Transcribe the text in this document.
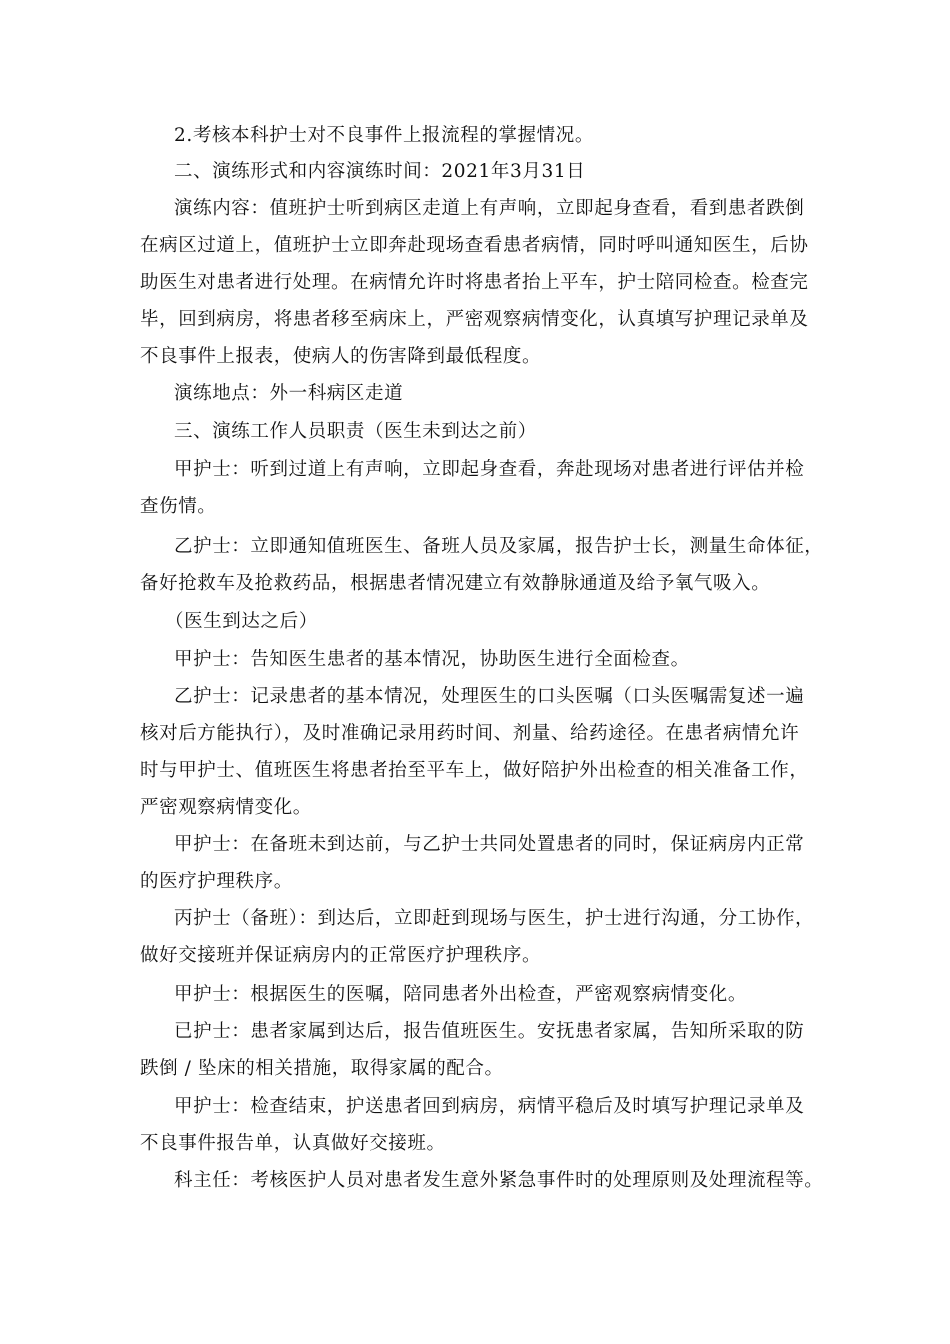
2.考核本科护士对不良事件上报流程的掌握情况。
二、演练形式和内容演练时间：2021年3月31日
演练内容：值班护士听到病区走道上有声响，立即起身查看，看到患者跌倒
在病区过道上，值班护士立即奔赴现场查看患者病情，同时呼叫通知医生，后协
助医生对患者进行处理。在病情允许时将患者抬上平车，护士陪同检查。检查完
毕，回到病房，将患者移至病床上，严密观察病情变化，认真填写护理记录单及
不良事件上报表，使病人的伤害降到最低程度。
演练地点：外一科病区走道
三、演练工作人员职责（医生未到达之前）
甲护士：听到过道上有声响，立即起身查看，奔赴现场对患者进行评估并检
查伤情。
乙护士：立即通知值班医生、备班人员及家属，报告护士长，测量生命体征，
备好抢救车及抢救药品，根据患者情况建立有效静脉通道及给予氧气吸入。
（医生到达之后）
甲护士：告知医生患者的基本情况，协助医生进行全面检查。
乙护士：记录患者的基本情况，处理医生的口头医嘱（口头医嘱需复述一遍
核对后方能执行），及时准确记录用药时间、剂量、给药途径。在患者病情允许
时与甲护士、值班医生将患者抬至平车上，做好陪护外出检查的相关准备工作，
严密观察病情变化。
甲护士：在备班未到达前，与乙护士共同处置患者的同时，保证病房内正常
的医疗护理秩序。
丙护士（备班）：到达后，立即赶到现场与医生，护士进行沟通，分工协作，
做好交接班并保证病房内的正常医疗护理秩序。
甲护士：根据医生的医嘱，陪同患者外出检查，严密观察病情变化。
已护士：患者家属到达后，报告值班医生。安抚患者家属，告知所采取的防
跌倒 / 坠床的相关措施，取得家属的配合。
甲护士：检查结束，护送患者回到病房，病情平稳后及时填写护理记录单及
不良事件报告单，认真做好交接班。
科主任：考核医护人员对患者发生意外紧急事件时的处理原则及处理流程等。
